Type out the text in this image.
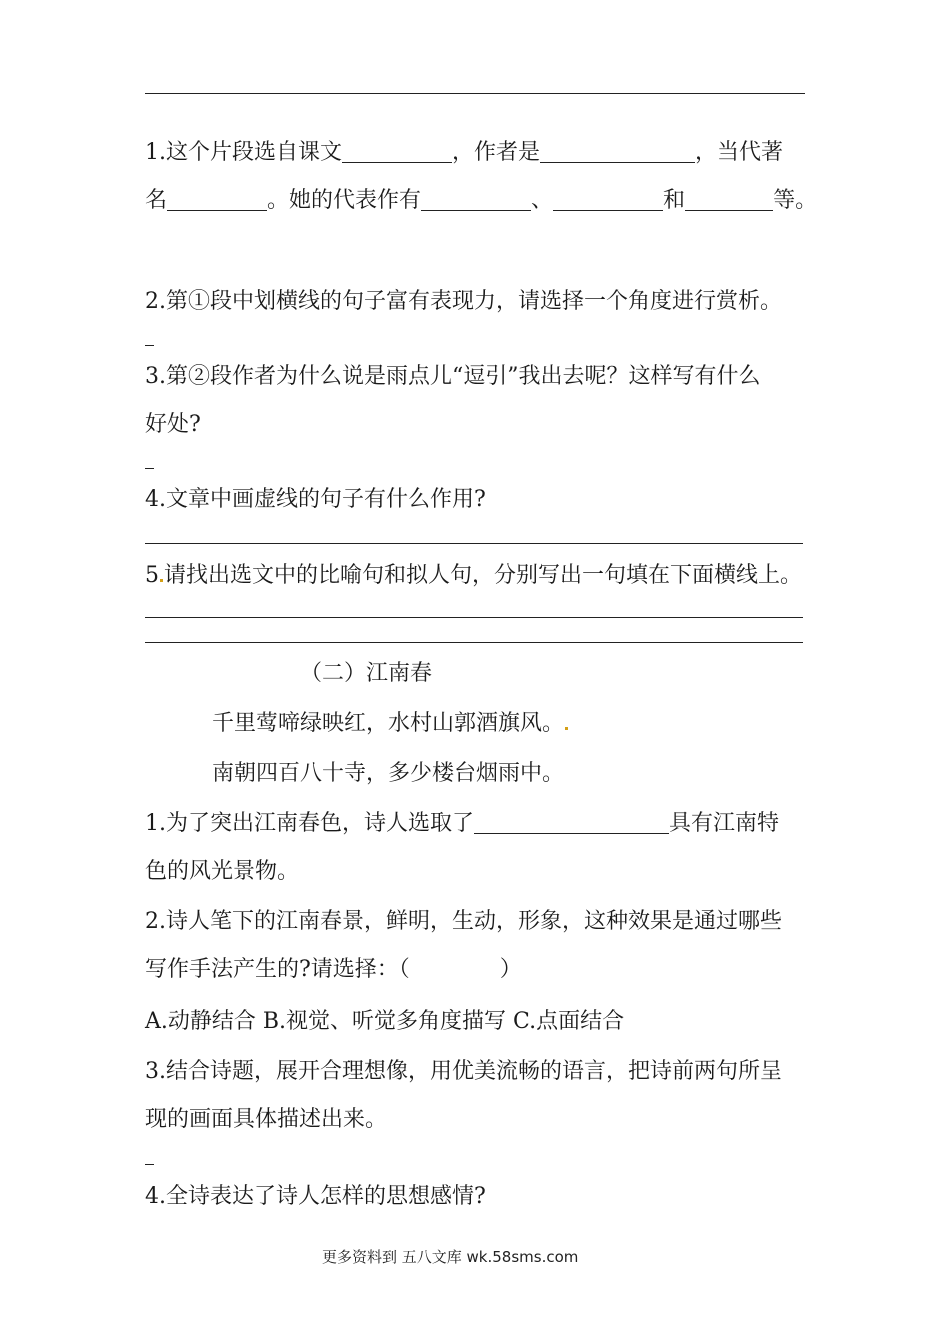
1.这个片段选自课文	，作者是	，当代著
名	。她的代表作有	、	和	等。
2.第①段中划横线的句子富有表现力，请选择一个角度进行赏析。
3.第②段作者为什么说是雨点儿“逗引”我出去呢？这样写有什么
好处?
4.文章中画虚线的句子有什么作用?
5 请找出选文中的比喻句和拟人句，分别写出一句填在下面横线上。
（二）江南春
千里莺啼绿映红，水村山郭酒旗风。
南朝四百八十寺，多少楼台烟雨中。
1.为了突出江南春色，诗人选取了	具有江南特
色的风光景物。
2.诗人笔下的江南春景，鲜明，生动，形象，这种效果是通过哪些
写作手法产生的?请选择：（	）
A.动静结合 B.视觉、听觉多角度描写 C.点面结合
3.结合诗题，展开合理想像，用优美流畅的语言，把诗前两句所呈
现的画面具体描述出来。
4.全诗表达了诗人怎样的思想感情?
更多资料到 五八文库 wk.58sms.com
